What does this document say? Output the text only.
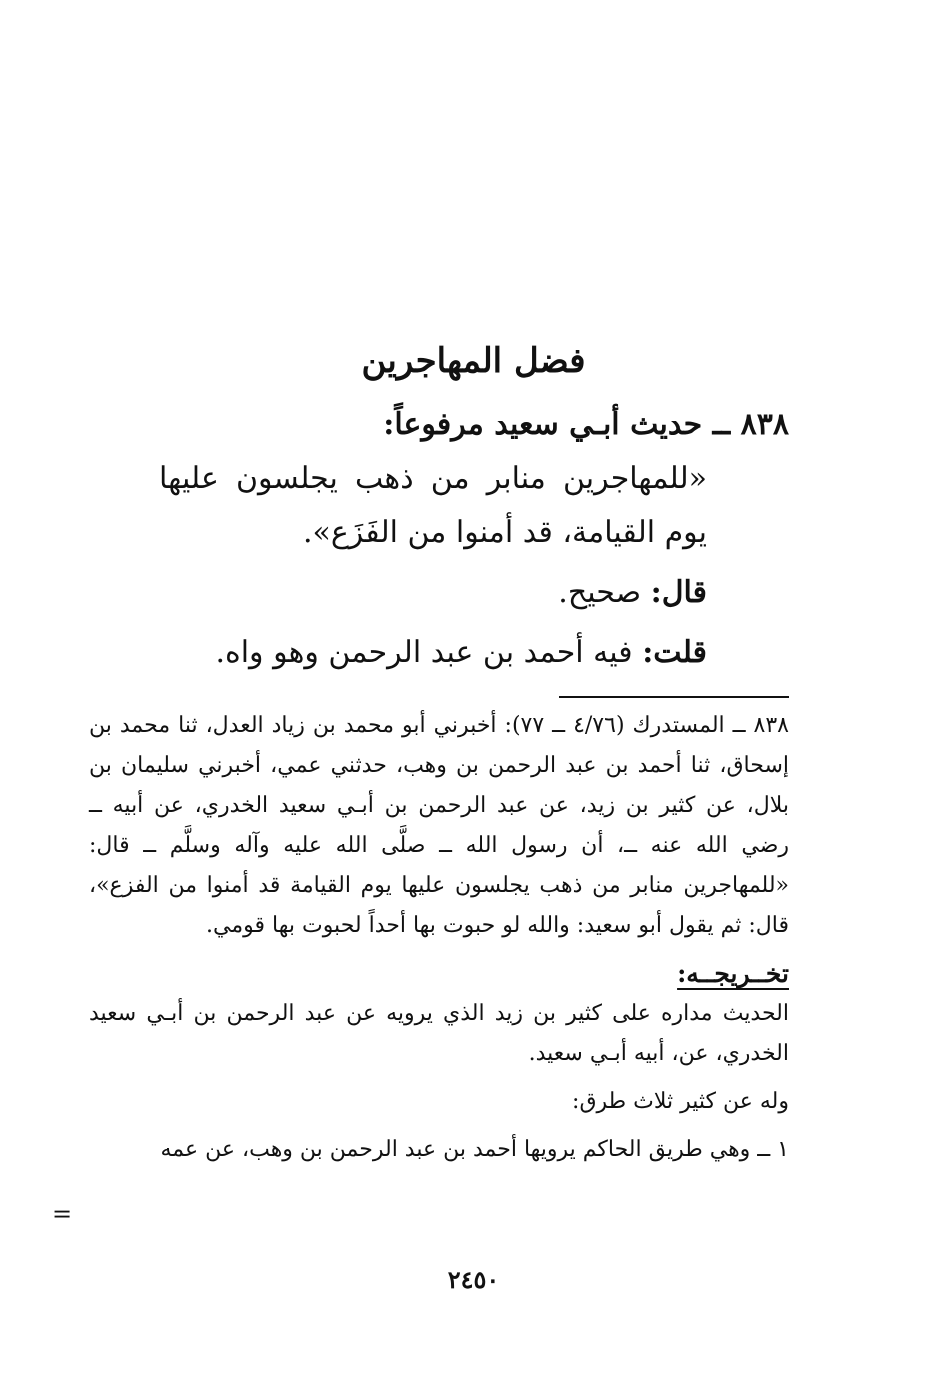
فضل المهاجرين
٨٣٨ ــ حديث أبـي سعيد مرفوعاً:
«للمهاجرين منابر من ذهب يجلسون عليها يوم القيامة، قد أمنوا من الفَزَع».
قال: صحيح.
قلت: فيه أحمد بن عبد الرحمن وهو واه.

٨٣٨ ــ المستدرك (٤/٧٦ ــ ٧٧): أخبرني أبو محمد بن زياد العدل، ثنا محمد بن إسحاق، ثنا أحمد بن عبد الرحمن بن وهب، حدثني عمي، أخبرني سليمان بن بلال، عن كثير بن زيد، عن عبد الرحمن بن أبـي سعيد الخدري، عن أبيه ــ رضي الله عنه ــ، أن رسول الله ــ صلَّى الله عليه وآله وسلَّم ــ قال: «للمهاجرين منابر من ذهب يجلسون عليها يوم القيامة قد أمنوا من الفزع»، قال: ثم يقول أبو سعيد: والله لو حبوت بها أحداً لحبوت بها قومي.

تخــريجــه:

الحديث مداره على كثير بن زيد الذي يرويه عن عبد الرحمن بن أبـي سعيد الخدري، عن، أبيه أبـي سعيد.

وله عن كثير ثلاث طرق:

١ ــ وهي طريق الحاكم يرويها أحمد بن عبد الرحمن بن وهب، عن عمه

=
٢٤٥٠
